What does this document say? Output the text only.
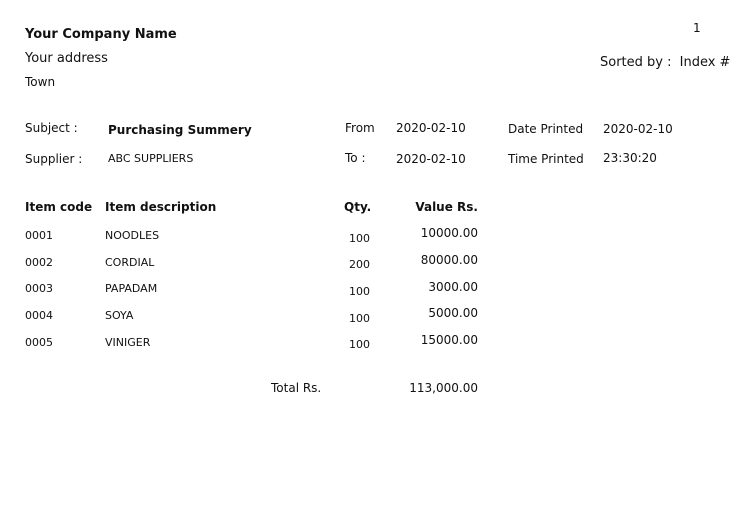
1
Your Company Name
Your address
Town
Sorted by : Index #
Subject :	Purchasing Summery
Supplier : ABC SUPPLIERS
From 2020-02-10
To :	2020-02-10
Date Printed 2020-02-10
Time Printed 23:30:20
Item code Item description	Qty.	Value Rs.
0001	NOODLES	100	10000.00
0002	CORDIAL	200	80000.00
0003	PAPADAM	100	3000.00
0004	SOYA	100	5000.00
0005	VINIGER	100	15000.00
Total Rs.	113,000.00
